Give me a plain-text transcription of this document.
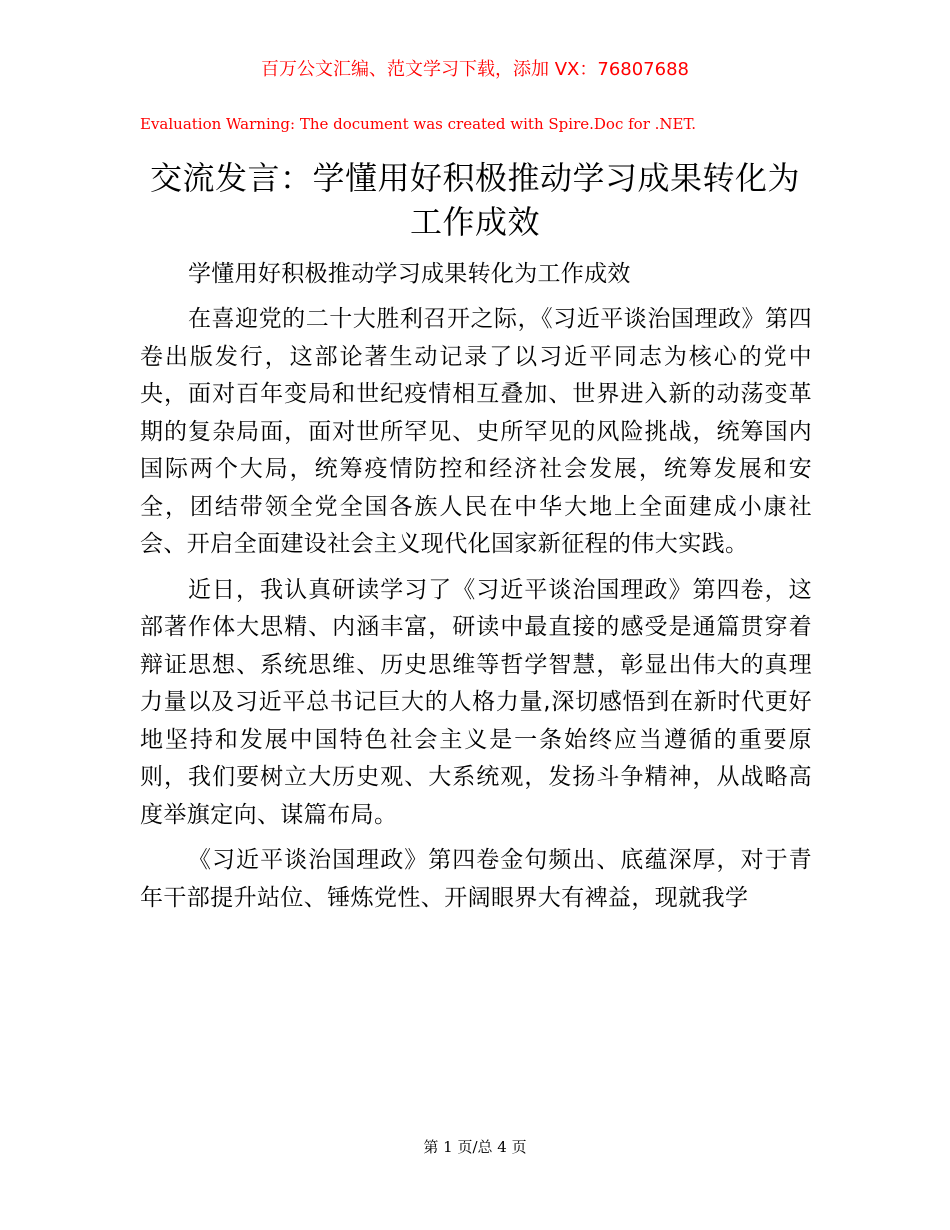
百万公文汇编、范文学习下载，添加 VX：76807688
Evaluation Warning: The document was created with Spire.Doc for .NET.
交流发言：学懂用好积极推动学习成果转化为工作成效

学懂用好积极推动学习成果转化为工作成效

在喜迎党的二十大胜利召开之际，《习近平谈治国理政》第四卷出版发行，这部论著生动记录了以习近平同志为核心的党中央，面对百年变局和世纪疫情相互叠加、世界进入新的动荡变革期的复杂局面，面对世所罕见、史所罕见的风险挑战，统筹国内国际两个大局，统筹疫情防控和经济社会发展，统筹发展和安全，团结带领全党全国各族人民在中华大地上全面建成小康社会、开启全面建设社会主义现代化国家新征程的伟大实践。

近日，我认真研读学习了《习近平谈治国理政》第四卷，这部著作体大思精、内涵丰富，研读中最直接的感受是通篇贯穿着辩证思想、系统思维、历史思维等哲学智慧，彰显出伟大的真理力量以及习近平总书记巨大的人格力量,深切感悟到在新时代更好地坚持和发展中国特色社会主义是一条始终应当遵循的重要原则，我们要树立大历史观、大系统观，发扬斗争精神，从战略高度举旗定向、谋篇布局。

《习近平谈治国理政》第四卷金句频出、底蕴深厚，对于青年干部提升站位、锤炼党性、开阔眼界大有裨益，现就我学

第 1 页/总 4 页
